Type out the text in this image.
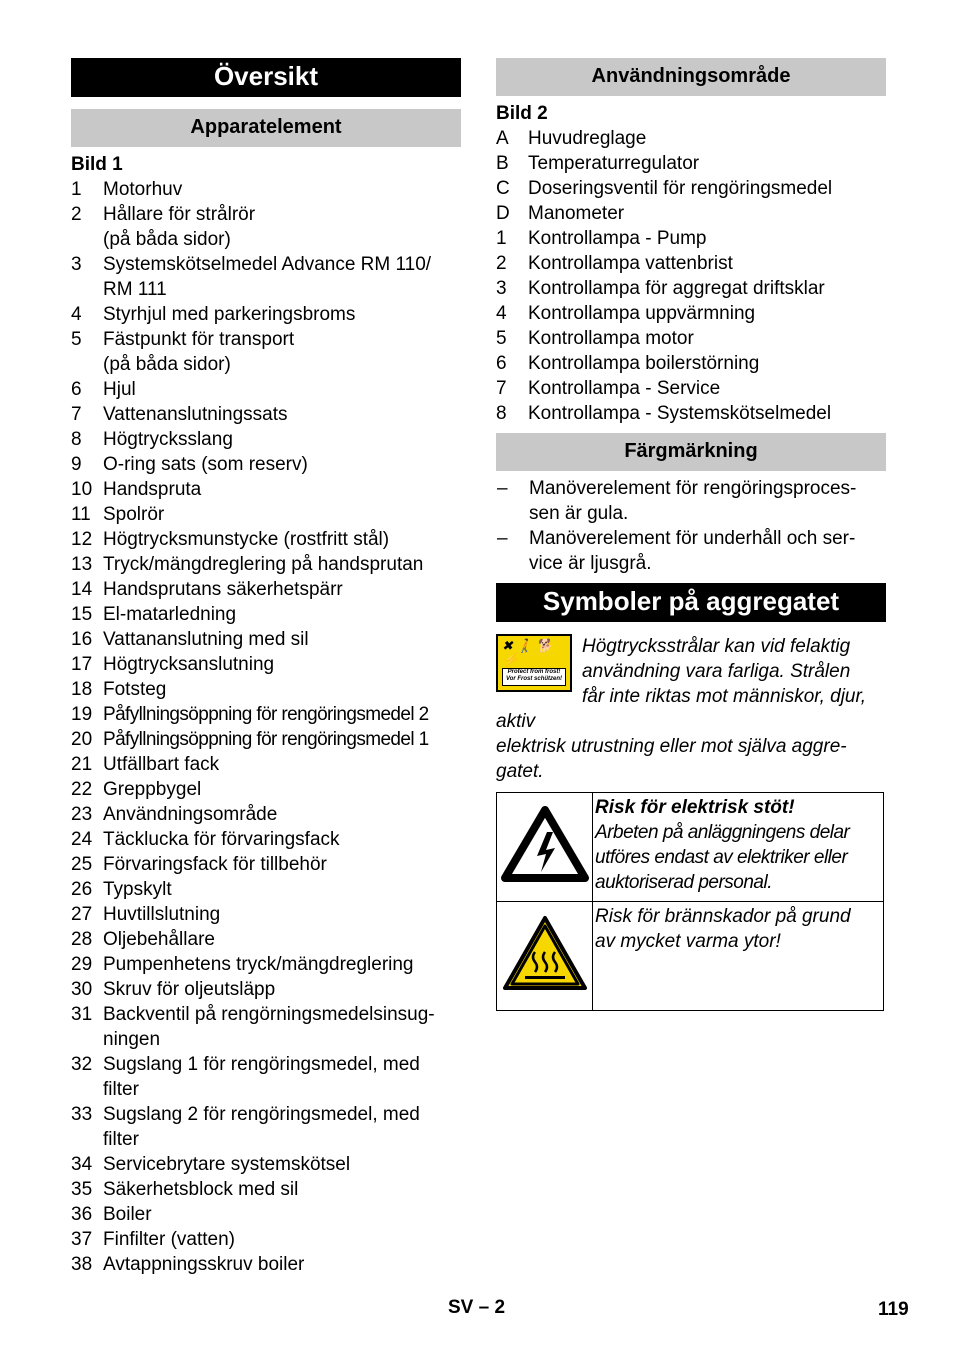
Översikt
Apparatelement
Bild 1
1	Motorhuv
2	Hållare för strålrör
(på båda sidor)
3	Systemskötselmedel Advance RM 110/
RM 111
4	Styrhjul med parkeringsbroms
5	Fästpunkt för transport
(på båda sidor)
6	Hjul
7	Vattenanslutningssats
8	Högtrycksslang
9	O-ring sats (som reserv)
10 Handspruta
11 Spolrör
12 Högtrycksmunstycke (rostfritt stål)
13 Tryck/mängdreglering på handsprutan
14 Handsprutans säkerhetspärr
15 El-matarledning
16 Vattananslutning med sil
17 Högtrycksanslutning
18 Fotsteg
19 Påfyllningsöppning för rengöringsmedel 2
20 Påfyllningsöppning för rengöringsmedel 1
21 Utfällbart fack
22 Greppbygel
23 Användningsområde
24 Täcklucka för förvaringsfack
25 Förvaringsfack för tillbehör
26 Typskylt
27 Huvtillslutning
28 Oljebehållare
29 Pumpenhetens tryck/mängdreglering
30 Skruv för oljeutsläpp
31 Backventil på rengörningsmedelsinsug-
ningen
32 Sugslang 1 för rengöringsmedel, med
filter
33 Sugslang 2 för rengöringsmedel, med
filter
34 Servicebrytare systemskötsel
35 Säkerhetsblock med sil
36 Boiler
37 Finfilter (vatten)
38 Avtappningsskruv boiler
Användningsområde
Bild 2
A	Huvudreglage
B	Temperaturregulator
C Doseringsventil för rengöringsmedel
D Manometer
1	Kontrollampa - Pump
2	Kontrollampa vattenbrist
3	Kontrollampa för aggregat driftsklar
4	Kontrollampa uppvärmning
5	Kontrollampa motor
6	Kontrollampa boilerstörning
7	Kontrollampa - Service
8	Kontrollampa - Systemskötselmedel
Färgmärkning
–	Manöverelement för rengöringsproces-
sen är gula.
–	Manöverelement för underhåll och ser-
vice är ljusgrå.
Symboler på aggregatet
✖ 🚶 🐕 ⚡
Protect from frost!
Vor Frost schützen!
Högtrycksstrålar kan vid felaktig
användning vara farliga. Strålen
får inte riktas mot människor, djur, aktiv
elektrisk utrustning eller mot själva aggre-
gatet.

Risk för elektrisk stöt!
Arbeten på anläggningens delar
utföres endast av elektriker eller
auktoriserad personal.

Risk för brännskador på grund
av mycket varma ytor!
SV – 2	119
